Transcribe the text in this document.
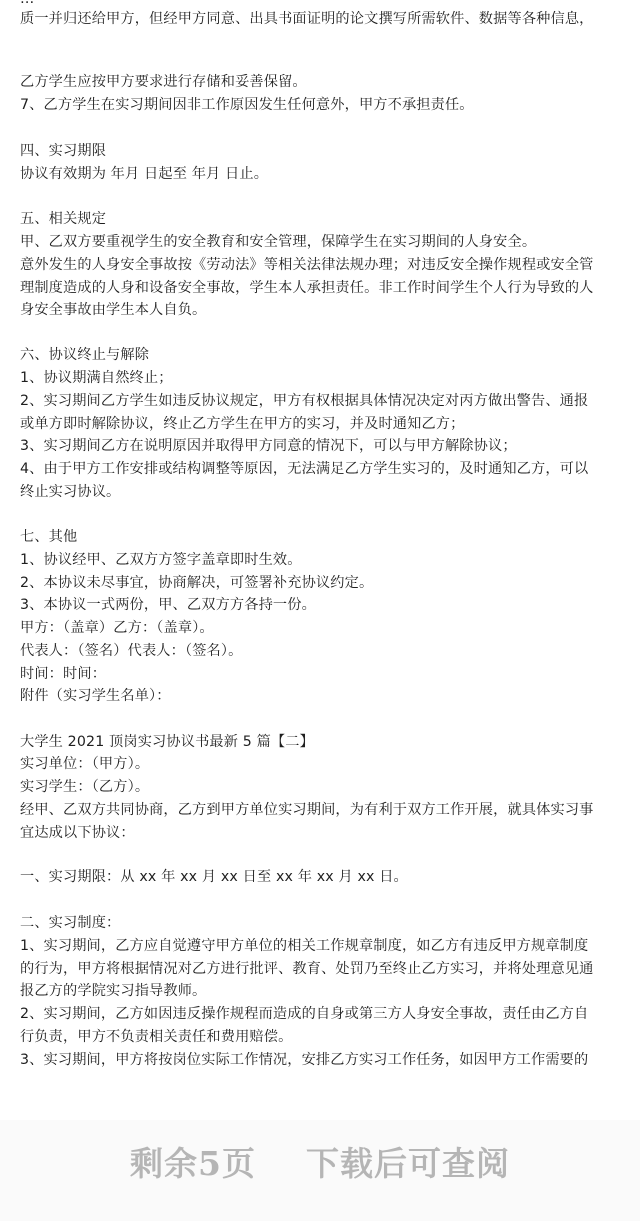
质一并归还给甲方，但经甲方同意、出具书面证明的论文撰写所需软件、数据等各种信息，
乙方学生应按甲方要求进行存储和妥善保留。
7、乙方学生在实习期间因非工作原因发生任何意外，甲方不承担责任。
四、实习期限
协议有效期为 年月 日起至 年月 日止。
五、相关规定
甲、乙双方要重视学生的安全教育和安全管理，保障学生在实习期间的人身安全。
意外发生的人身安全事故按《劳动法》等相关法律法规办理；对违反安全操作规程或安全管
理制度造成的人身和设备安全事故，学生本人承担责任。非工作时间学生个人行为导致的人
身安全事故由学生本人自负。
六、协议终止与解除
1、协议期满自然终止；
2、实习期间乙方学生如违反协议规定，甲方有权根据具体情况决定对丙方做出警告、通报
或单方即时解除协议，终止乙方学生在甲方的实习，并及时通知乙方；
3、实习期间乙方在说明原因并取得甲方同意的情况下，可以与甲方解除协议；
4、由于甲方工作安排或结构调整等原因，无法满足乙方学生实习的，及时通知乙方，可以
终止实习协议。
七、其他
1、协议经甲、乙双方方签字盖章即时生效。
2、本协议未尽事宜，协商解决，可签署补充协议约定。
3、本协议一式两份，甲、乙双方方各持一份。
甲方：（盖章）乙方：（盖章）。
代表人：（签名）代表人：（签名）。
时间：时间：
附件（实习学生名单）：
大学生 2021 顶岗实习协议书最新 5 篇【二】
实习单位：（甲方）。
实习学生：（乙方）。
经甲、乙双方共同协商，乙方到甲方单位实习期间，为有利于双方工作开展，就具体实习事
宜达成以下协议：
一、实习期限：从 xx 年 xx 月 xx 日至 xx 年 xx 月 xx 日。
二、实习制度：
1、实习期间，乙方应自觉遵守甲方单位的相关工作规章制度，如乙方有违反甲方规章制度
的行为，甲方将根据情况对乙方进行批评、教育、处罚乃至终止乙方实习，并将处理意见通
报乙方的学院实习指导教师。
2、实习期间，乙方如因违反操作规程而造成的自身或第三方人身安全事故，责任由乙方自
行负责，甲方不负责相关责任和费用赔偿。
3、实习期间，甲方将按岗位实际工作情况，安排乙方实习工作任务，如因甲方工作需要的
剩余5页 下载后可查阅
